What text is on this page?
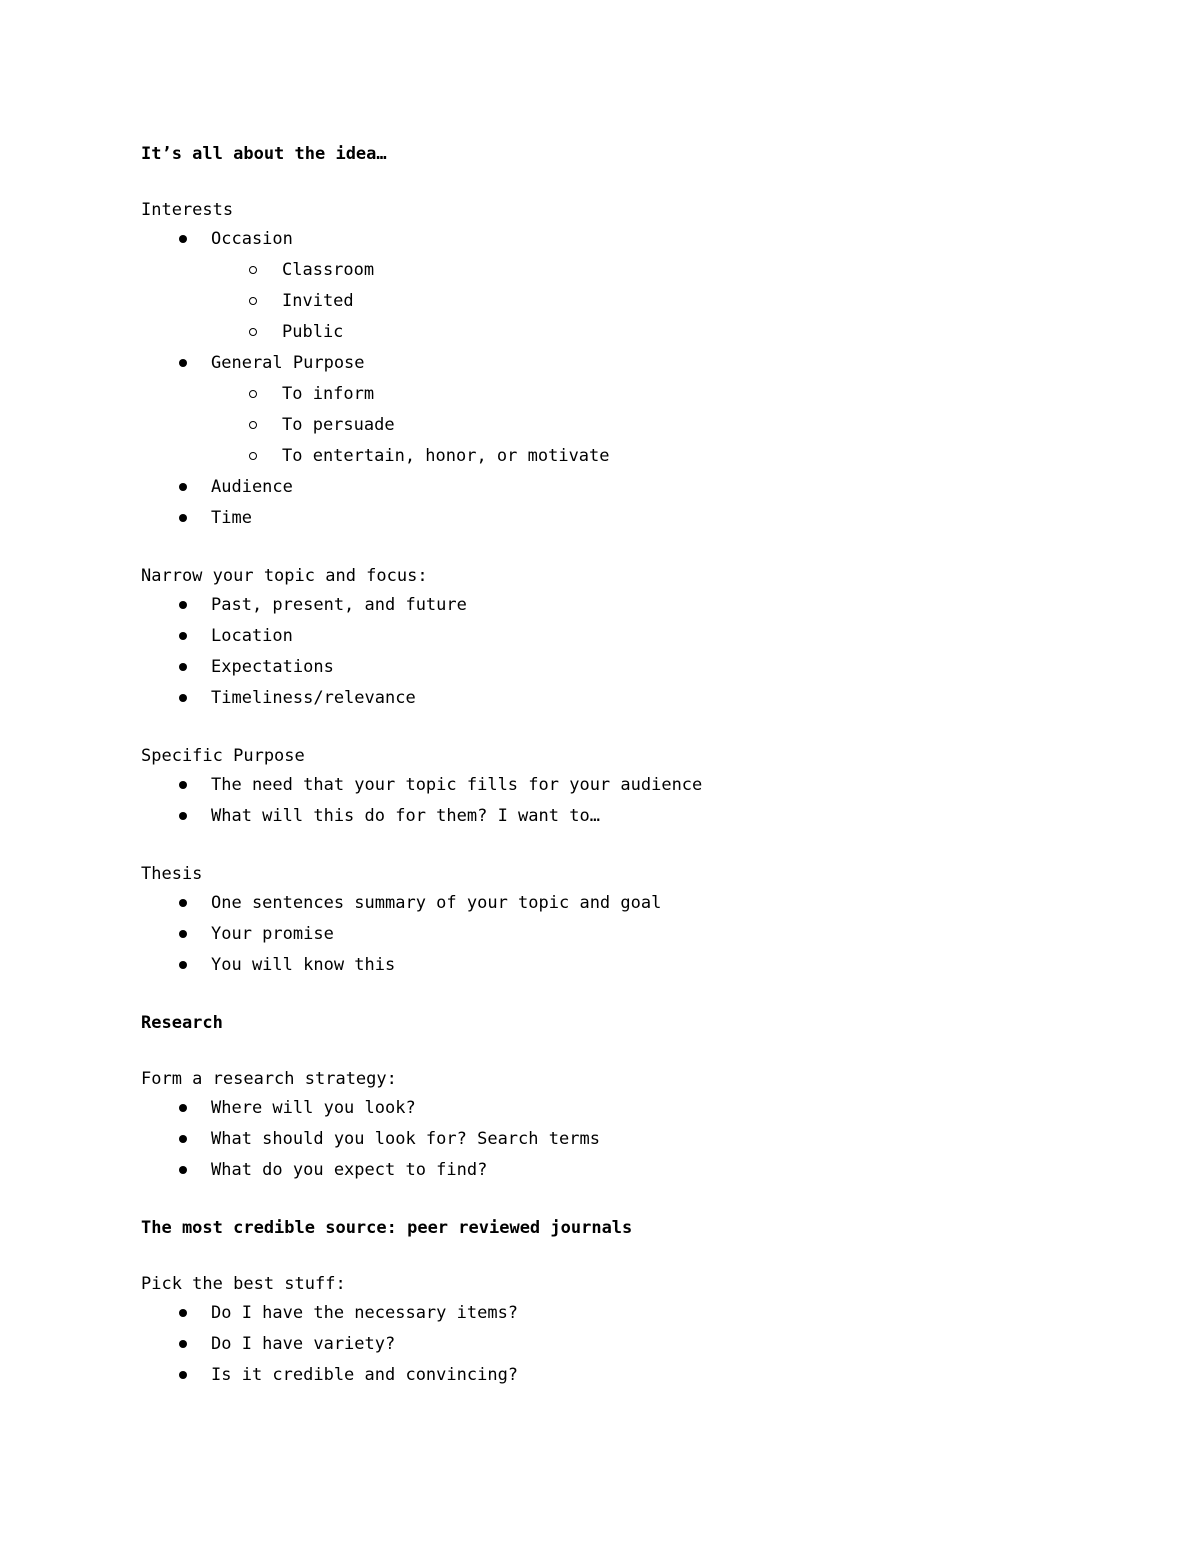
It’s all about the idea…
Interests
Occasion
Classroom
Invited
Public
General Purpose
To inform
To persuade
To entertain, honor, or motivate
Audience
Time
Narrow your topic and focus:
Past, present, and future
Location
Expectations
Timeliness/relevance
Specific Purpose
The need that your topic fills for your audience
What will this do for them? I want to…
Thesis
One sentences summary of your topic and goal
Your promise
You will know this
Research
Form a research strategy:
Where will you look?
What should you look for? Search terms
What do you expect to find?
The most credible source: peer reviewed journals
Pick the best stuff:
Do I have the necessary items?
Do I have variety?
Is it credible and convincing?
